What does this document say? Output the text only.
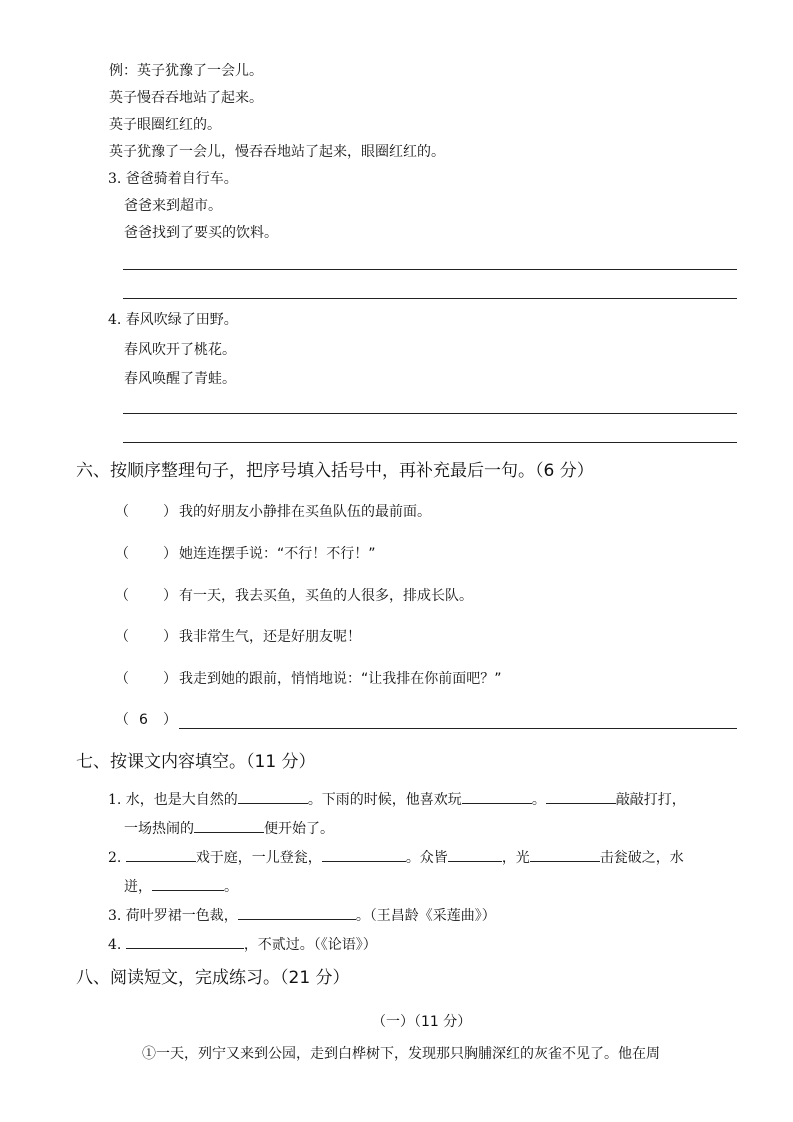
例：英子犹豫了一会儿。
英子慢吞吞地站了起来。
英子眼圈红红的。
英子犹豫了一会儿，慢吞吞地站了起来，眼圈红红的。
3. 爸爸骑着自行车。
爸爸来到超市。
爸爸找到了要买的饮料。
4. 春风吹绿了田野。
春风吹开了桃花。
春风唤醒了青蛙。
六、按顺序整理句子，把序号填入括号中，再补充最后一句。（6 分）
（ ） 我的好朋友小静排在买鱼队伍的最前面。
（ ） 她连连摆手说：“不行！不行！”
（ ） 有一天，我去买鱼，买鱼的人很多，排成长队。
（ ） 我非常生气，还是好朋友呢！
（ ） 我走到她的跟前，悄悄地说：“让我排在你前面吧？”
（ 6 ）
七、按课文内容填空。（11 分）
1. 水，也是大自然的	。下雨的时候，他喜欢玩	。	敲敲打打，
一场热闹的	便开始了。
2.	戏于庭，一儿登瓮，	。众皆	，光	击瓮破之，水
迸，	。
3. 荷叶罗裙一色裁，	。（王昌龄《采莲曲》）
4.	，不贰过。（《论语》）
八、阅读短文，完成练习。（21 分）
（一）（11 分）
①一天，列宁又来到公园，走到白桦树下，发现那只胸脯深红的灰雀不见了。他在周
